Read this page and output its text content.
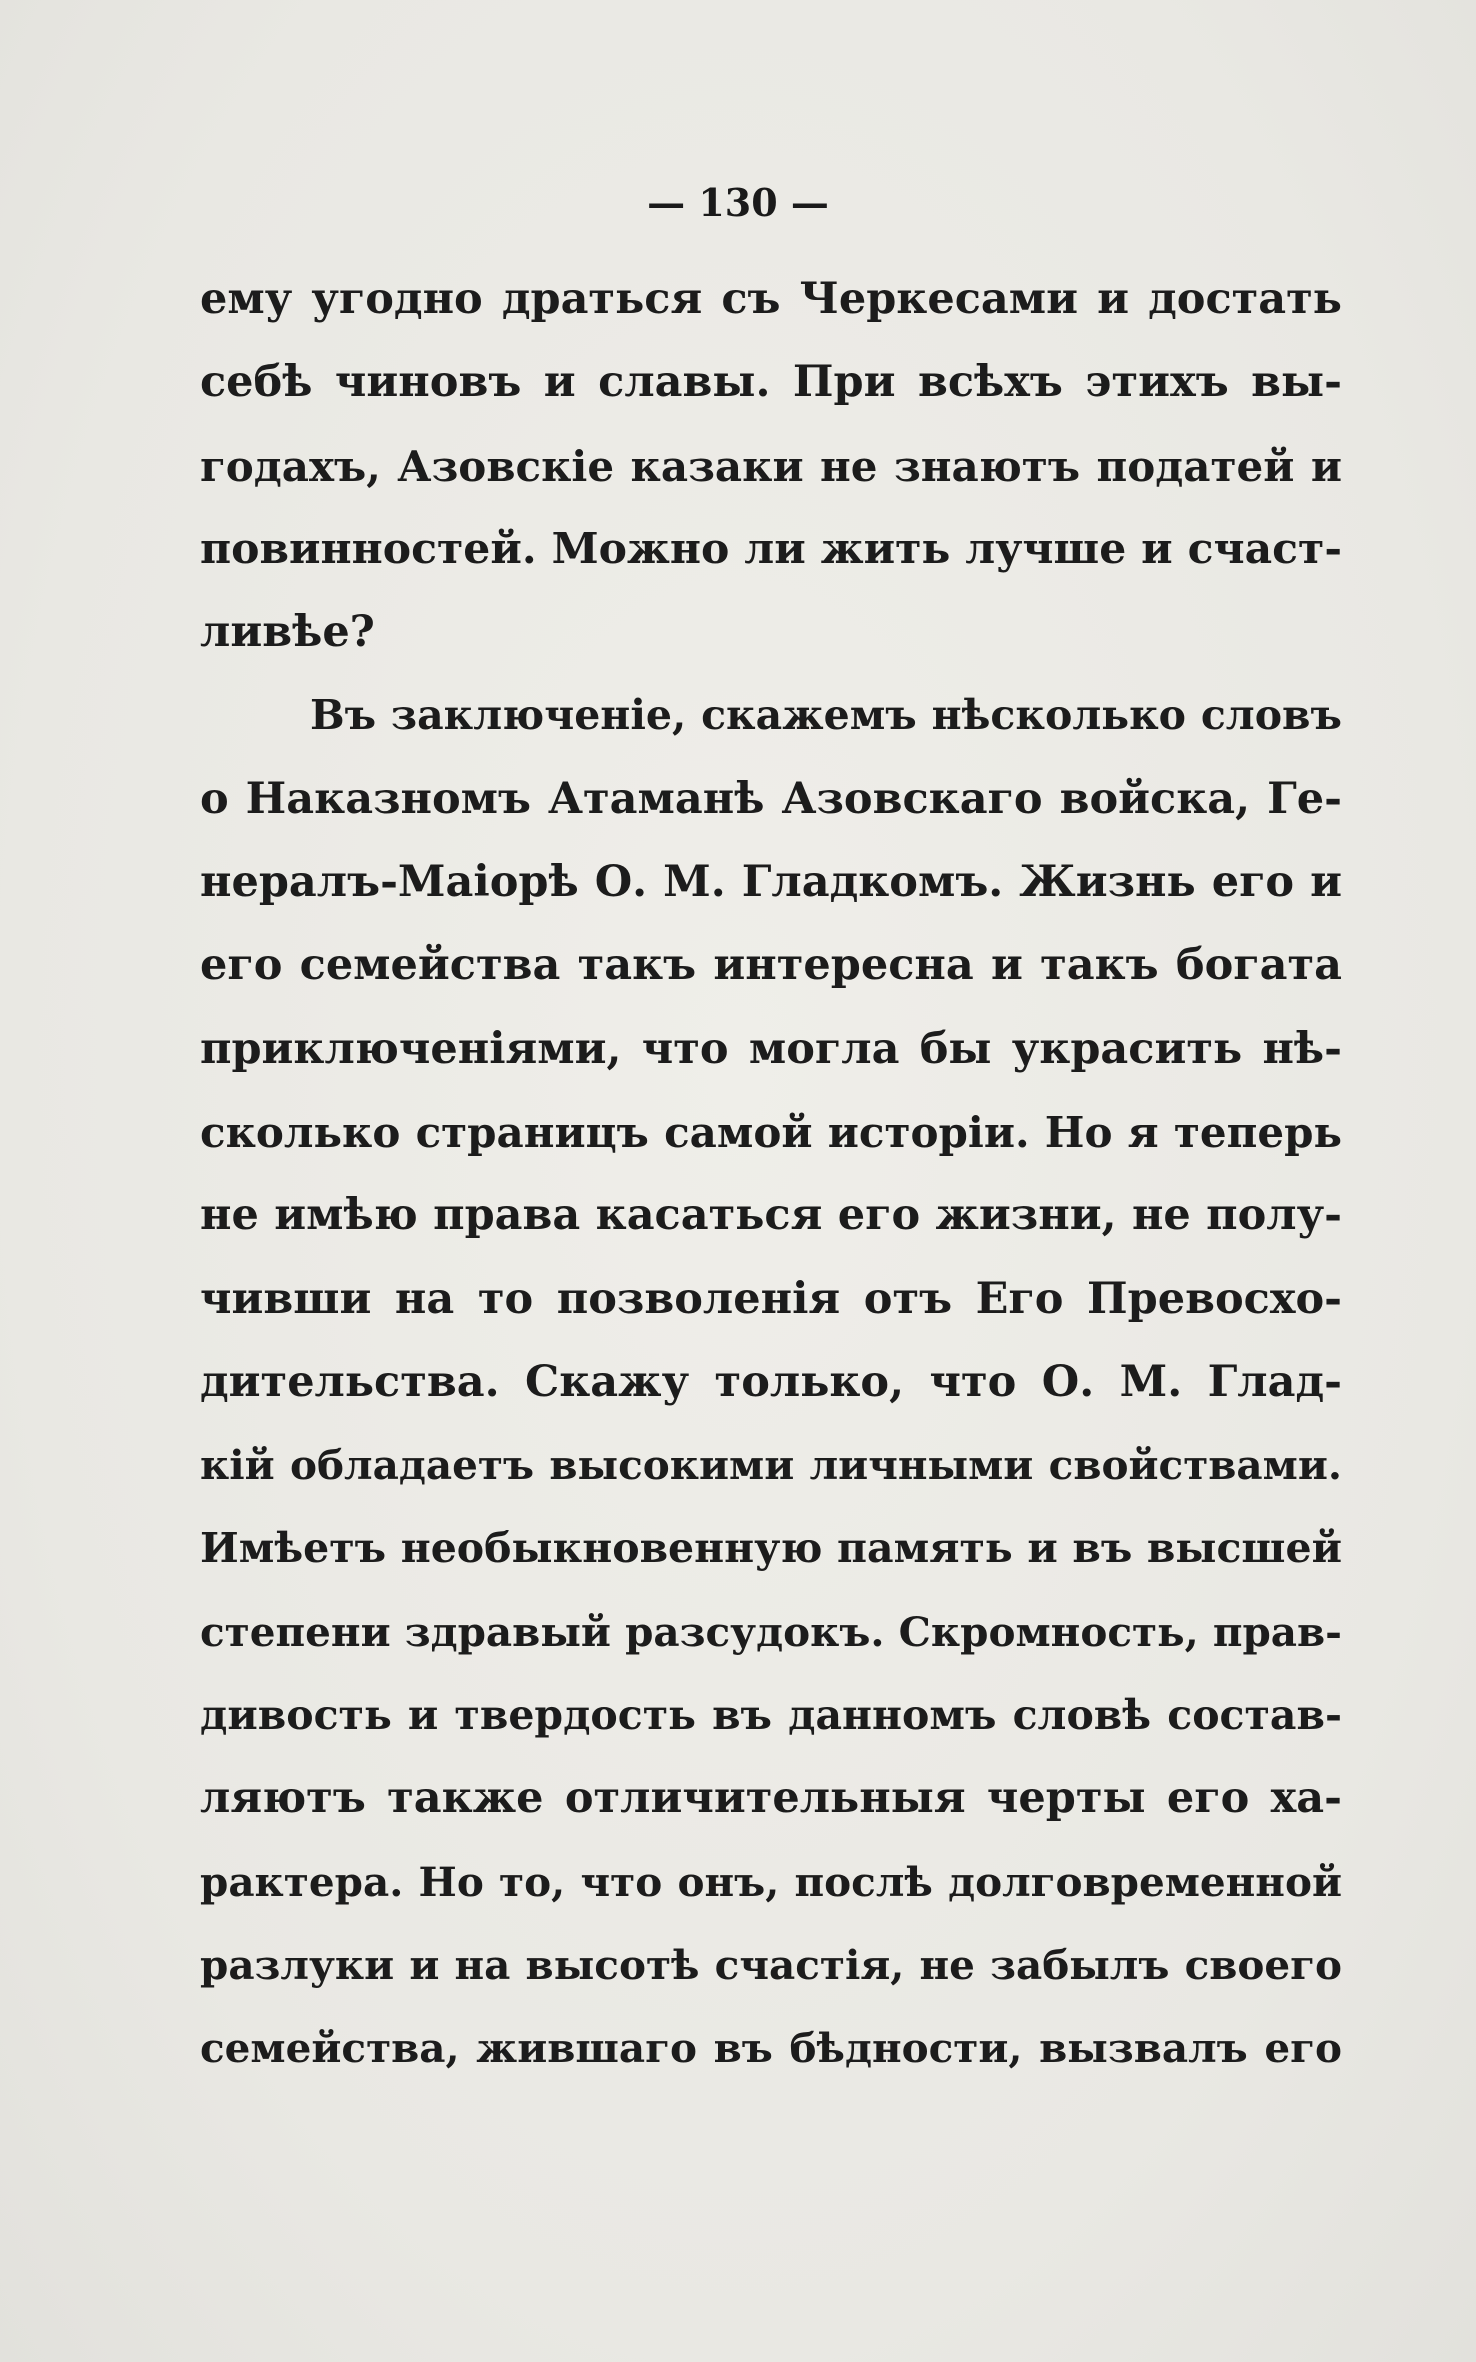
— 130 —
ему угодно драться съ Черкесами и достать
себѣ чиновъ и славы. При всѣхъ этихъ вы-
годахъ, Азовскіе казаки не знаютъ податей и
повинностей. Можно ли жить лучше и счаст-
ливѣе?
Въ заключеніе, скажемъ нѣсколько словъ
о Наказномъ Атаманѣ Азовскаго войска, Ге-
нералъ-Маiорѣ О. М. Гладкомъ. Жизнь его и
его семейства такъ интересна и такъ богата
приключеніями, что могла бы украсить нѣ-
сколько страницъ самой исторіи. Но я теперь
не имѣю права касаться его жизни, не полу-
чивши на то позволенія отъ Его Превосхо-
дительства. Скажу только, что О. М. Глад-
кій обладаетъ высокими личными свойствами.
Имѣетъ необыкновенную память и въ высшей
степени здравый разсудокъ. Скромность, прав-
дивость и твердость въ данномъ словѣ состав-
ляютъ также отличительныя черты его ха-
рактера. Но то, что онъ, послѣ долговременной
разлуки и на высотѣ счастія, не забылъ своего
семейства, жившаго въ бѣдности, вызвалъ его
